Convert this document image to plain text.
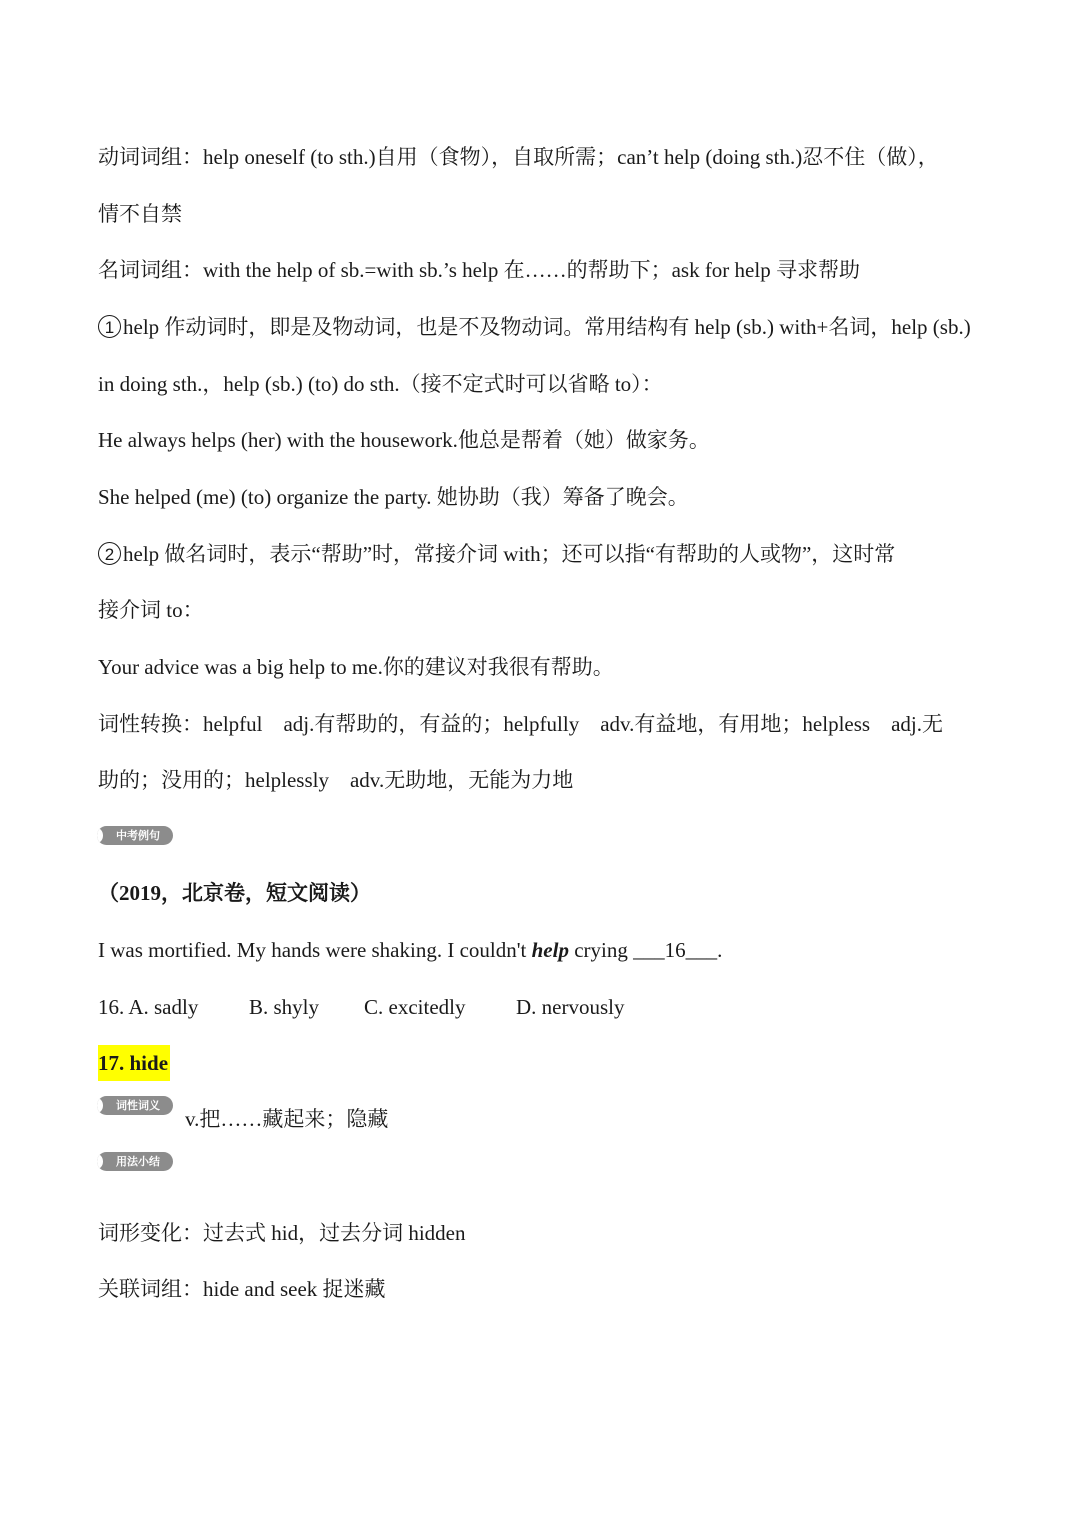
动词词组：help oneself (to sth.)自用（食物），自取所需；can’t help (doing sth.)忍不住（做），
情不自禁
名词词组：with the help of sb.=with sb.’s help 在……的帮助下；ask for help 寻求帮助
1 help 作动词时，即是及物动词，也是不及物动词。常用结构有 help (sb.) with+名词，help (sb.)
in doing sth.，help (sb.) (to) do sth.（接不定式时可以省略 to）：
He always helps (her) with the housework.他总是帮着（她）做家务。
She helped (me) (to) organize the party. 她协助（我）筹备了晚会。
2 help 做名词时，表示“帮助”时，常接介词 with；还可以指“有帮助的人或物”，这时常
接介词 to：
Your advice was a big help to me.你的建议对我很有帮助。
词性转换：helpful　adj.有帮助的，有益的；helpfully　adv.有益地，有用地；helpless　adj.无
助的；没用的；helplessly　adv.无助地，无能为力地
中考例句
（2019，北京卷，短文阅读）
I was mortified. My hands were shaking. I couldn't help crying ___16___.
16. A. sadly B. shyly C. excitedly D. nervously
17. hide
词性词义
v.把……藏起来；隐藏
用法小结
词形变化：过去式 hid，过去分词 hidden
关联词组：hide and seek 捉迷藏
